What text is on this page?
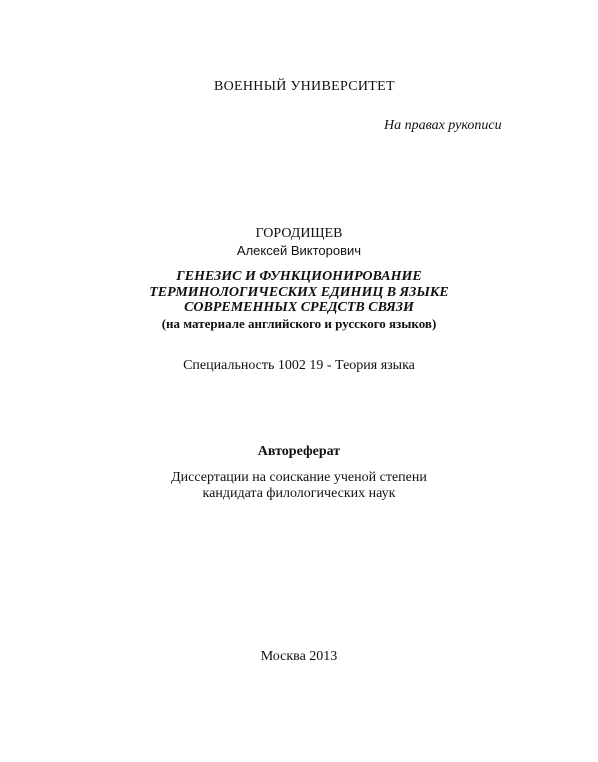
ВОЕННЫЙ УНИВЕРСИТЕТ
На правах рукописи
ГОРОДИЩЕВ
Алексей Викторович
ГЕНЕЗИС И ФУНКЦИОНИРОВАНИЕ
ТЕРМИНОЛОГИЧЕСКИХ ЕДИНИЦ В ЯЗЫКЕ
СОВРЕМЕННЫХ СРЕДСТВ СВЯЗИ
(на материале английского и русского языков)
Специальность 1002 19 - Теория языка
Автореферат
Диссертации на соискание ученой степени
кандидата филологических наук
Москва 2013
